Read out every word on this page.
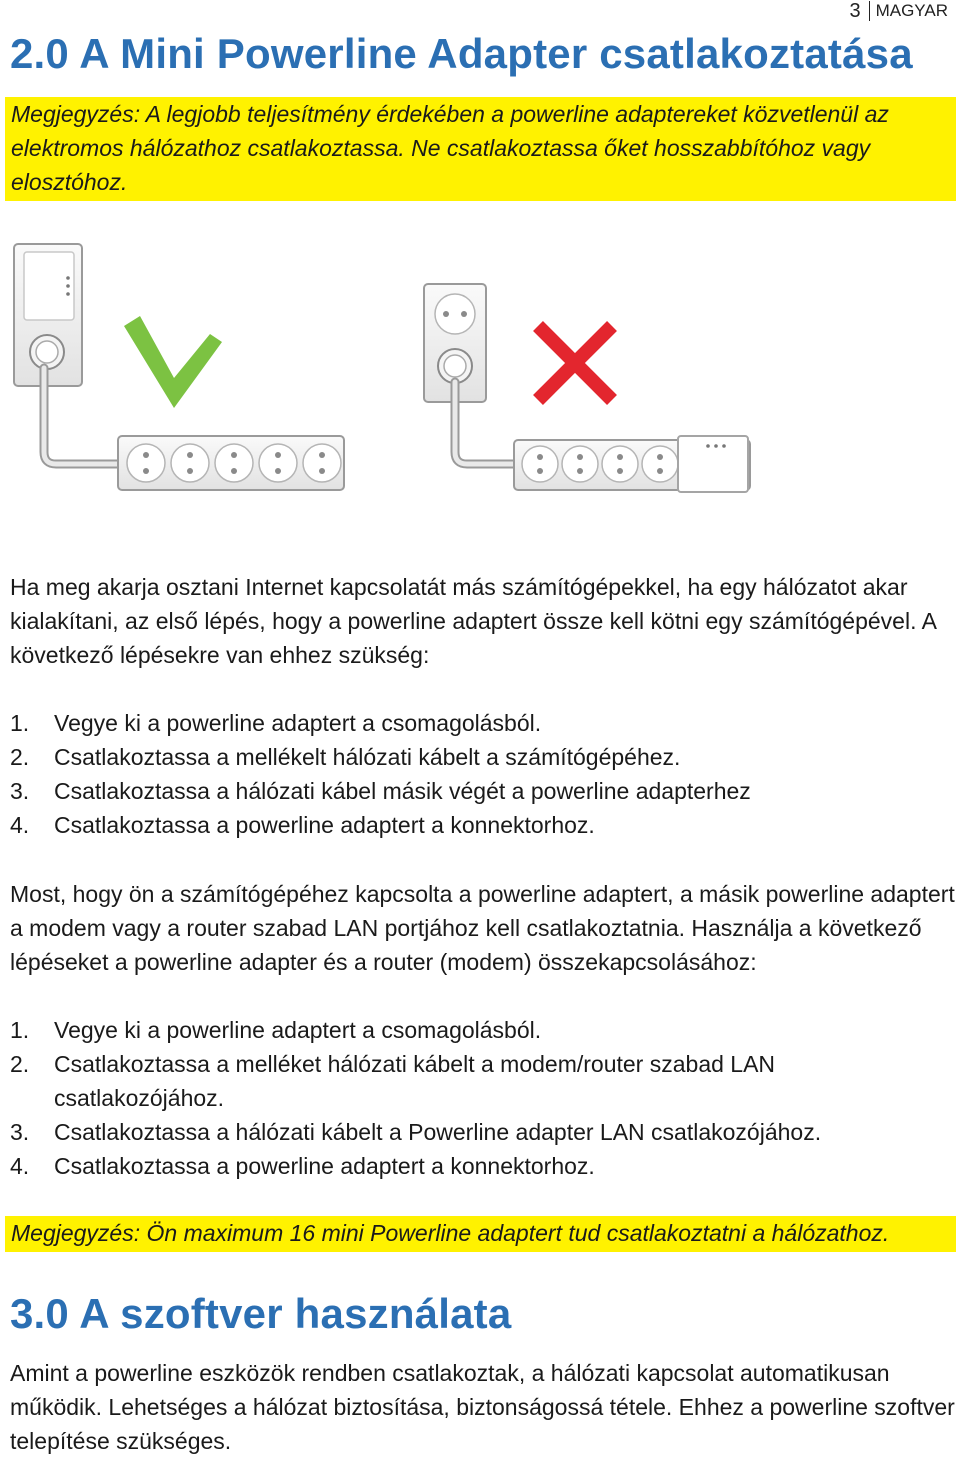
3 MAGYAR
2.0 A Mini Powerline Adapter csatlakoztatása
Megjegyzés: A legjobb teljesítmény érdekében a powerline adaptereket közvetlenül az elektromos hálózathoz csatlakoztassa. Ne csatlakoztassa őket hosszabbítóhoz vagy elosztóhoz.

Ha meg akarja osztani Internet kapcsolatát más számítógépekkel, ha egy hálózatot akar kialakítani, az első lépés, hogy a powerline adaptert össze kell kötni egy számítógépével. A következő lépésekre van ehhez szükség:

1.	Vegye ki a powerline adaptert a csomagolásból.
2.	Csatlakoztassa a mellékelt hálózati kábelt a számítógépéhez.
3.	Csatlakoztassa a hálózati kábel másik végét a powerline adapterhez
4.	Csatlakoztassa a powerline adaptert a konnektorhoz.

Most, hogy ön a számítógépéhez kapcsolta a powerline adaptert, a másik powerline adaptert a modem vagy a router szabad LAN portjához kell csatlakoztatnia. Használja a következő lépéseket a powerline adapter és a router (modem) összekapcsolásához:

1.	Vegye ki a powerline adaptert a csomagolásból.
2.	Csatlakoztassa a melléket hálózati kábelt a modem/router szabad LAN csatlakozójához.
3.	Csatlakoztassa a hálózati kábelt a Powerline adapter LAN csatlakozójához.
4.	Csatlakoztassa a powerline adaptert a konnektorhoz.
Megjegyzés: Ön maximum 16 mini Powerline adaptert tud csatlakoztatni a hálózathoz.
3.0 A szoftver használata

Amint a powerline eszközök rendben csatlakoztak, a hálózati kapcsolat automatikusan működik. Lehetséges a hálózat biztosítása, biztonságossá tétele. Ehhez a powerline szoftver telepítése szükséges.
